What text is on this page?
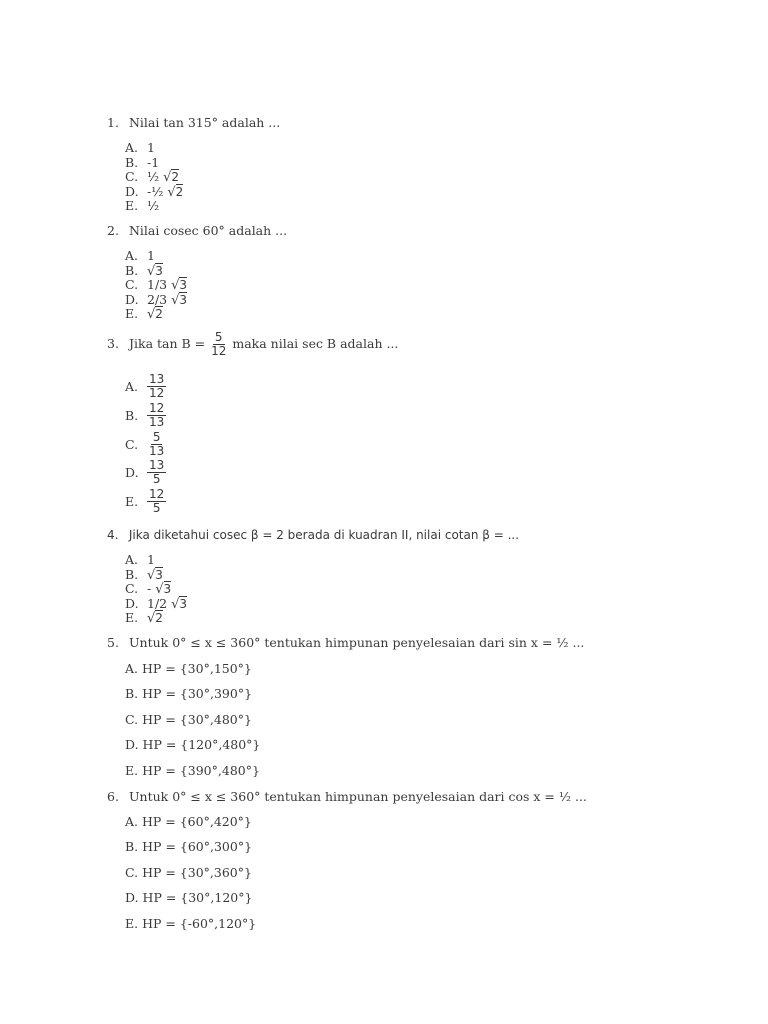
1. Nilai tan 315° adalah ...
A. 1
B. -1
C. ½ √2
D. -½ √2
E. ½
2. Nilai cosec 60° adalah ...
A. 1
B. √3
C. 1/3 √3
D. 2/3 √3
E. √2
3. Jika $\tan B = \frac{5}{12}$ maka nilai sec B adalah ...
A. $\frac{13}{12}$
B. $\frac{12}{13}$
C. $\frac{5}{13}$
D. $\frac{13}{5}$
E. $\frac{12}{5}$
4. Jika diketahui cosec β = 2 berada di kuadran II, nilai cotan β = ...
A. 1
B. √3
C. - √3
D. 1/2 √3
E. √2
5. Untuk 0° ≤ x ≤ 360° tentukan himpunan penyelesaian dari sin x = ½ ...
A. HP = {30°,150°}
B. HP = {30°,390°}
C. HP = {30°,480°}
D. HP = {120°,480°}
E. HP = {390°,480°}
6. Untuk 0° ≤ x ≤ 360° tentukan himpunan penyelesaian dari cos x = ½ ...
A. HP = {60°,420°}
B. HP = {60°,300°}
C. HP = {30°,360°}
D. HP = {30°,120°}
E. HP = {-60°,120°}
